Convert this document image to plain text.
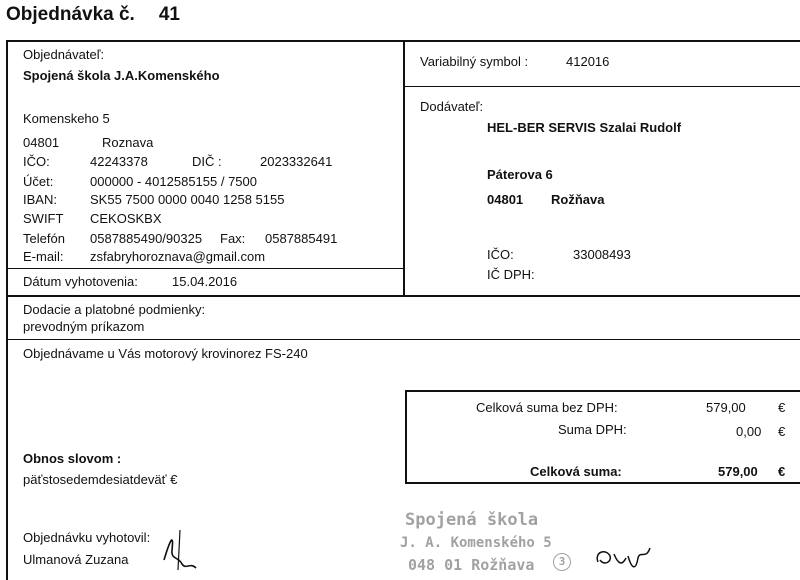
Objednávka č. 41
Objednávateľ:
Spojená škola J.A.Komenského
Komenskeho 5
04801	Roznava
IČO:	42243378	DIČ :	2023332641
Účet:	000000 - 4012585155 / 7500
IBAN:	SK55 7500 0000 0040 1258 5155
SWIFT CEKOSKBX
Telefón 0587885490/90325 Fax: 0587885491
E-mail: zsfabryhoroznava@gmail.com
Dátum vyhotovenia:	15.04.2016
Variabilný symbol :	412016
Dodávateľ:
HEL-BER SERVIS Szalai Rudolf
Páterova 6
04801 Rožňava
IČO:	33008493
IČ DPH:
Dodacie a platobné podmienky:
prevodným príkazom
Objednávame u Vás motorový krovinorez FS-240
Celková suma bez DPH:	579,00 €
Suma DPH:	0,00 €
Celková suma:	579,00 €
Obnos slovom :
päťstosedemdesiatdeväť €
Objednávku vyhotovil:
Ulmanová Zuzana
Spojená škola
J. A. Komenského 5
048 01 Rožňava	3
